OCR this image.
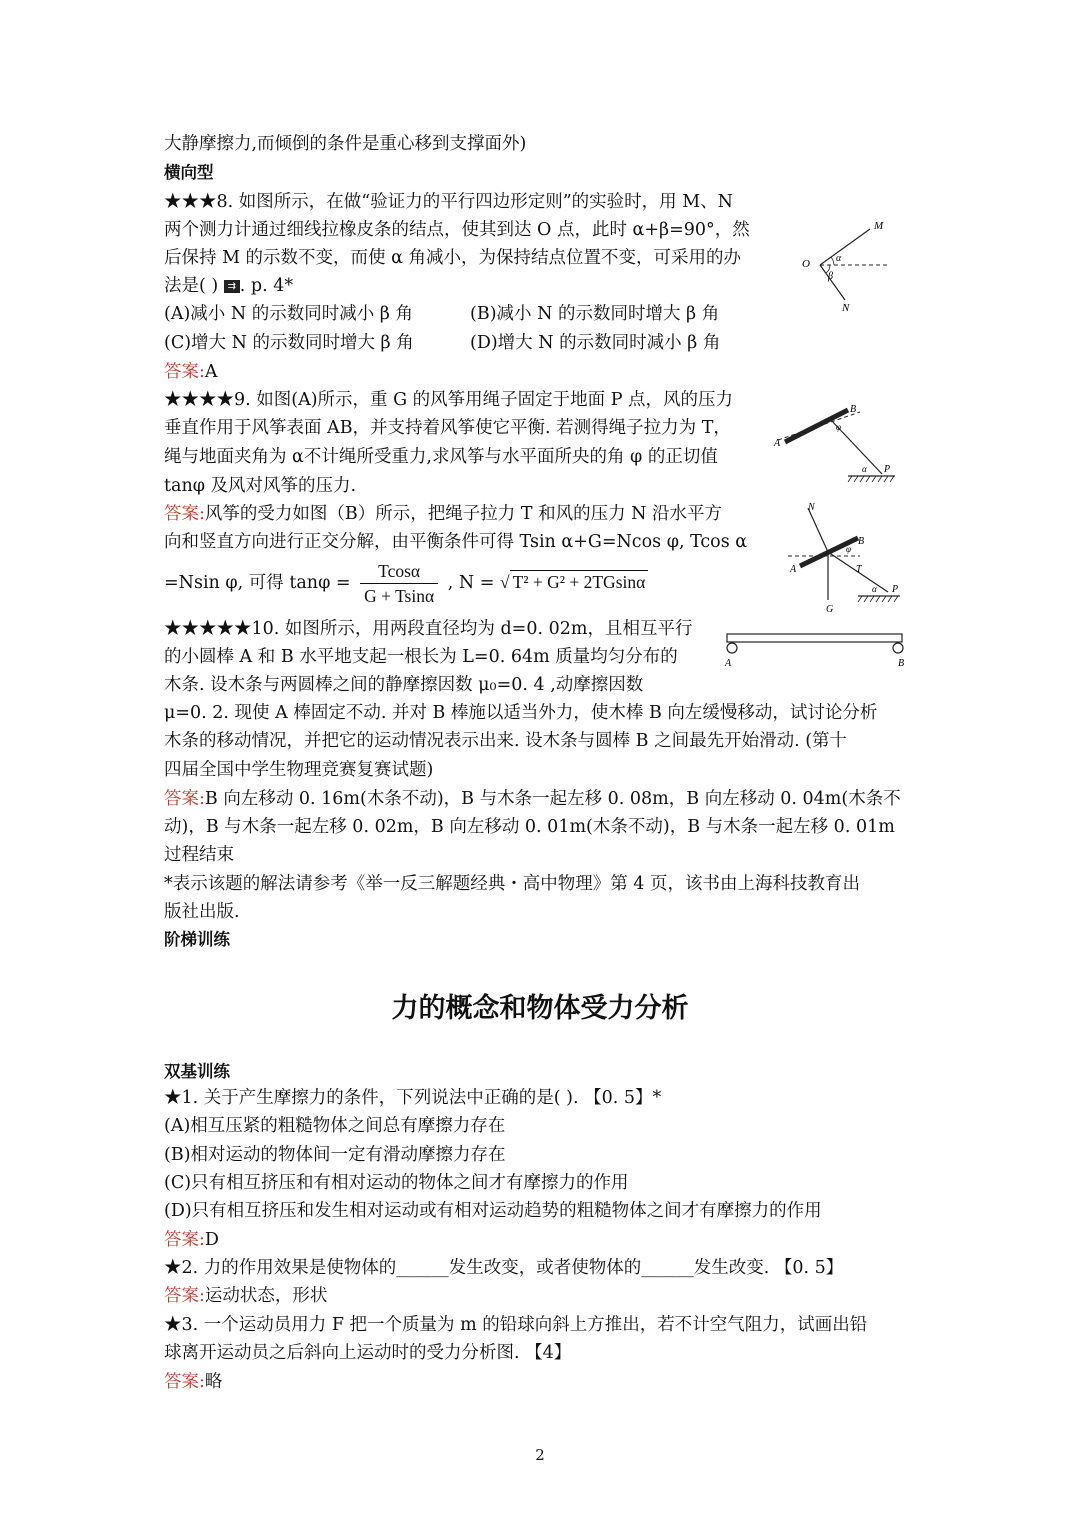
大静摩擦力,而倾倒的条件是重心移到支撑面外)
横向型
★★★8. 如图所示，在做“验证力的平行四边形定则”的实验时，用 M、N
两个测力计通过细线拉橡皮条的结点，使其到达 O 点，此时 α+β=90°，然
后保持 M 的示数不变，而使 α 角减小，为保持结点位置不变，可采用的办
法是( ) ⇉ . p. 4*
(A)减小 N 的示数同时减小 β 角	(B)减小 N 的示数同时增大 β 角
(C)增大 N 的示数同时增大 β 角	(D)增大 N 的示数同时减小 β 角
答案:A
★★★★9. 如图(A)所示，重 G 的风筝用绳子固定于地面 P 点，风的压力
垂直作用于风筝表面 AB，并支持着风筝使它平衡. 若测得绳子拉力为 T，
绳与地面夹角为 α不计绳所受重力,求风筝与水平面所央的角 φ 的正切值
tanφ 及风对风筝的压力.
答案:风筝的受力如图（B）所示，把绳子拉力 T 和风的压力 N 沿水平方
向和竖直方向进行正交分解，由平衡条件可得 Tsin α+G=Ncos φ, Tcos α
=Nsin φ, 可得 $\tan\varphi = \frac{Tcos\alpha}{G + Tsin\alpha}$ , N = √ T² + G² + 2TGsinα
★★★★★10. 如图所示，用两段直径均为 d=0. 02m，且相互平行
的小圆棒 A 和 B 水平地支起一根长为 L=0. 64m 质量均匀分布的
木条. 设木条与两圆棒之间的静摩擦因数 μ₀=0. 4 ,动摩擦因数
μ=0. 2. 现使 A 棒固定不动. 并对 B 棒施以适当外力，使木棒 B 向左缓慢移动，试讨论分析
木条的移动情况，并把它的运动情况表示出来. 设木条与圆棒 B 之间最先开始滑动. (第十
四届全国中学生物理竞赛复赛试题)
答案:B 向左移动 0. 16m(木条不动)，B 与木条一起左移 0. 08m，B 向左移动 0. 04m(木条不
动)，B 与木条一起左移 0. 02m，B 向左移动 0. 01m(木条不动)，B 与木条一起左移 0. 01m
过程结束
*表示该题的解法请参考《举一反三解题经典・高中物理》第 4 页，该书由上海科技教育出
版社出版.
阶梯训练
力的概念和物体受力分析
双基训练
★1. 关于产生摩擦力的条件，下列说法中正确的是( ). 【0. 5】*
(A)相互压紧的粗糙物体之间总有摩擦力存在
(B)相对运动的物体间一定有滑动摩擦力存在
(C)只有相互挤压和有相对运动的物体之间才有摩擦力的作用
(D)只有相互挤压和发生相对运动或有相对运动趋势的粗糙物体之间才有摩擦力的作用
答案:D
★2. 力的作用效果是使物体的______发生改变，或者使物体的______发生改变. 【0. 5】
答案:运动状态，形状
★3. 一个运动员用力 F 把一个质量为 m 的铅球向斜上方推出，若不计空气阻力，试画出铅
球离开运动员之后斜向上运动时的受力分析图. 【4】
答案:略
2
M
N
O	α
β
A
B
P
φ
α
N
B
A	T
G
P
φ
α
A	B
